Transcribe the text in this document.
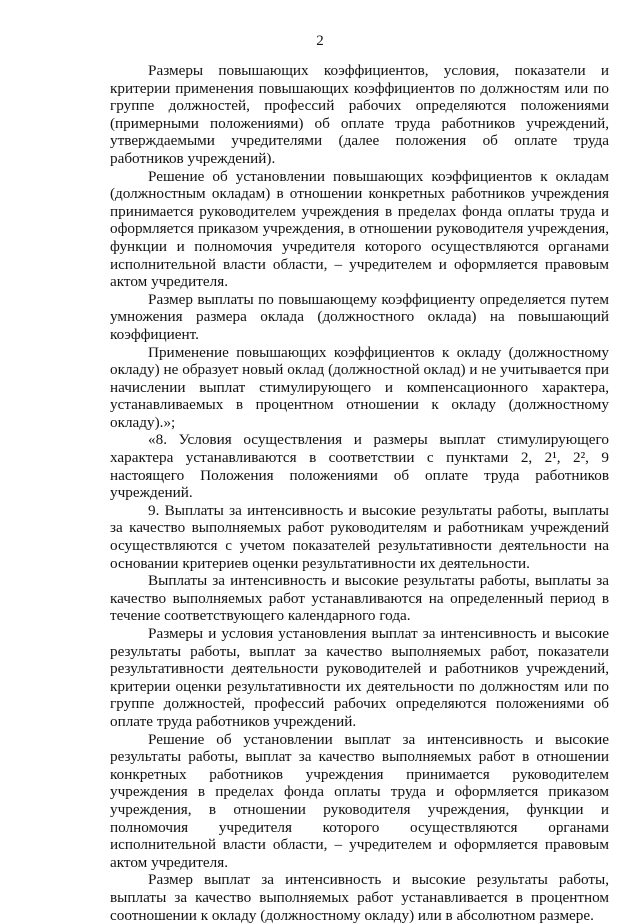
2

Размеры повышающих коэффициентов, условия, показатели и критерии применения повышающих коэффициентов по должностям или по группе должностей, профессий рабочих определяются положениями (примерными положениями) об оплате труда работников учреждений, утверждаемыми учредителями (далее положения об оплате труда работников учреждений).

Решение об установлении повышающих коэффициентов к окладам (должностным окладам) в отношении конкретных работников учреждения принимается руководителем учреждения в пределах фонда оплаты труда и оформляется приказом учреждения, в отношении руководителя учреждения, функции и полномочия учредителя которого осуществляются органами исполнительной власти области, – учредителем и оформляется правовым актом учредителя.

Размер выплаты по повышающему коэффициенту определяется путем умножения размера оклада (должностного оклада) на повышающий коэффициент.

Применение повышающих коэффициентов к окладу (должностному окладу) не образует новый оклад (должностной оклад) и не учитывается при начислении выплат стимулирующего и компенсационного характера, устанавливаемых в процентном отношении к окладу (должностному окладу).»;

«8. Условия осуществления и размеры выплат стимулирующего характера устанавливаются в соответствии с пунктами 2, 2¹, 2², 9 настоящего Положения положениями об оплате труда работников учреждений.

9. Выплаты за интенсивность и высокие результаты работы, выплаты за качество выполняемых работ руководителям и работникам учреждений осуществляются с учетом показателей результативности деятельности на основании критериев оценки результативности их деятельности.

Выплаты за интенсивность и высокие результаты работы, выплаты за качество выполняемых работ устанавливаются на определенный период в течение соответствующего календарного года.

Размеры и условия установления выплат за интенсивность и высокие результаты работы, выплат за качество выполняемых работ, показатели результативности деятельности руководителей и работников учреждений, критерии оценки результативности их деятельности по должностям или по группе должностей, профессий рабочих определяются положениями об оплате труда работников учреждений.

Решение об установлении выплат за интенсивность и высокие результаты работы, выплат за качество выполняемых работ в отношении конкретных работников учреждения принимается руководителем учреждения в пределах фонда оплаты труда и оформляется приказом учреждения, в отношении руководителя учреждения, функции и полномочия учредителя которого осуществляются органами исполнительной власти области, – учредителем и оформляется правовым актом учредителя.

Размер выплат за интенсивность и высокие результаты работы, выплаты за качество выполняемых работ устанавливается в процентном соотношении к окладу (должностному окладу) или в абсолютном размере.
